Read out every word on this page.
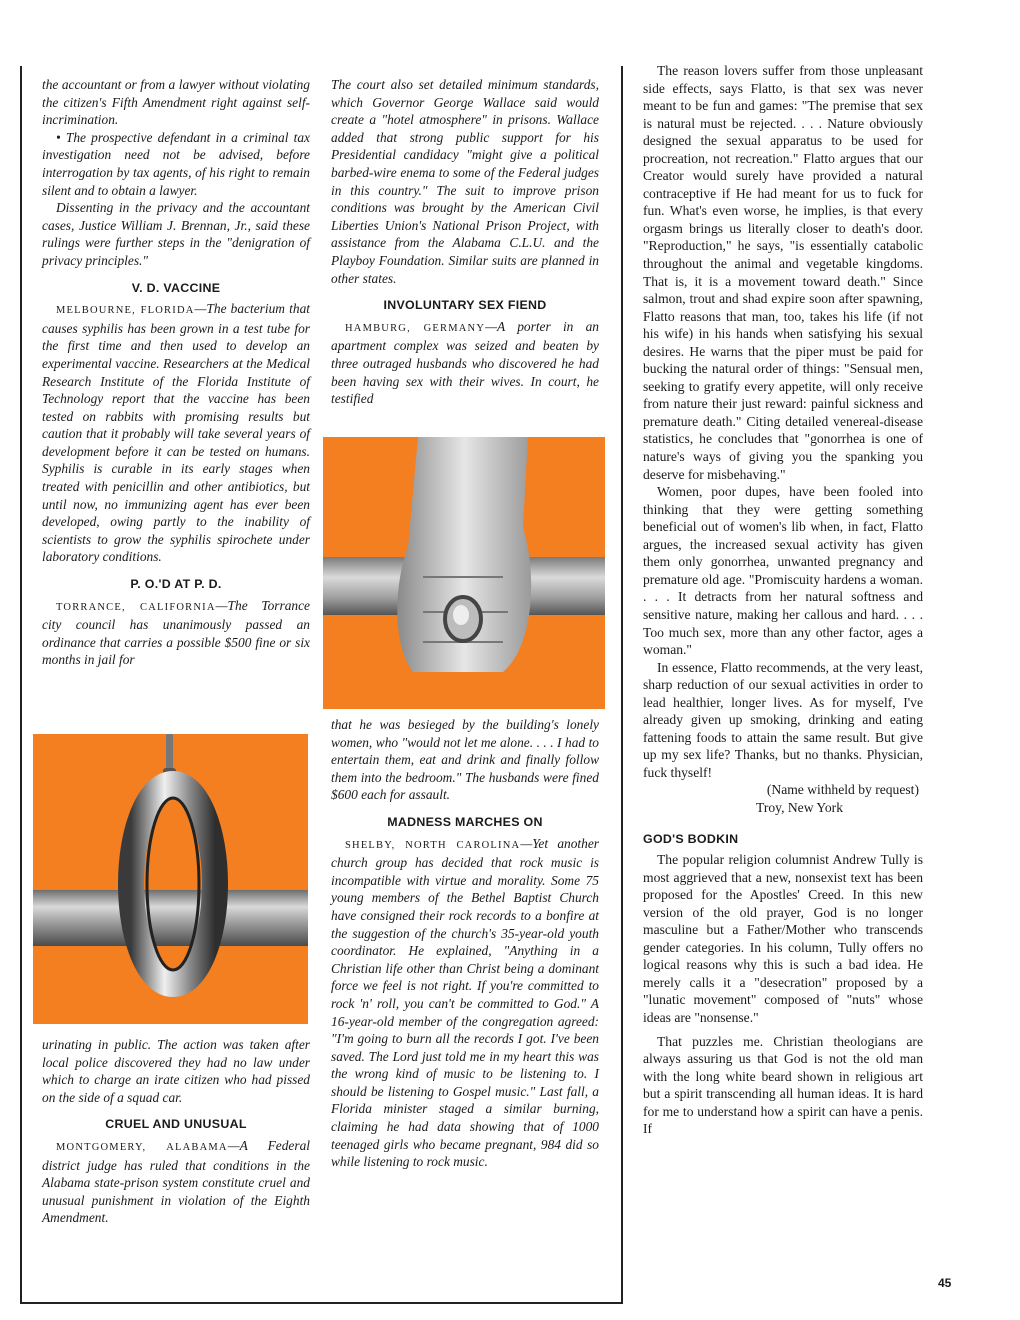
the accountant or from a lawyer without violating the citizen's Fifth Amendment right against self-incrimination.

• The prospective defendant in a criminal tax investigation need not be advised, before interrogation by tax agents, of his right to remain silent and to obtain a lawyer.

Dissenting in the privacy and the accountant cases, Justice William J. Brennan, Jr., said these rulings were further steps in the "denigration of privacy principles."

V. D. VACCINE

MELBOURNE, FLORIDA—The bacterium that causes syphilis has been grown in a test tube for the first time and then used to develop an experimental vaccine. Researchers at the Medical Research Institute of the Florida Institute of Technology report that the vaccine has been tested on rabbits with promising results but caution that it probably will take several years of development before it can be tested on humans. Syphilis is curable in its early stages when treated with penicillin and other antibiotics, but until now, no immunizing agent has ever been developed, owing partly to the inability of scientists to grow the syphilis spirochete under laboratory conditions.

P. O.'D AT P. D.

TORRANCE, CALIFORNIA—The Torrance city council has unanimously passed an ordinance that carries a possible $500 fine or six months in jail for

urinating in public. The action was taken after local police discovered they had no law under which to charge an irate citizen who had pissed on the side of a squad car.

CRUEL AND UNUSUAL

MONTGOMERY, ALABAMA—A Federal district judge has ruled that conditions in the Alabama state-prison system constitute cruel and unusual punishment in violation of the Eighth Amendment.

The court also set detailed minimum standards, which Governor George Wallace said would create a "hotel atmosphere" in prisons. Wallace added that strong public support for his Presidential candidacy "might give a political barbed-wire enema to some of the Federal judges in this country." The suit to improve prison conditions was brought by the American Civil Liberties Union's National Prison Project, with assistance from the Alabama C.L.U. and the Playboy Foundation. Similar suits are planned in other states.

INVOLUNTARY SEX FIEND

HAMBURG, GERMANY—A porter in an apartment complex was seized and beaten by three outraged husbands who discovered he had been having sex with their wives. In court, he testified

that he was besieged by the building's lonely women, who "would not let me alone. . . . I had to entertain them, eat and drink and finally follow them into the bedroom." The husbands were fined $600 each for assault.

MADNESS MARCHES ON

SHELBY, NORTH CAROLINA—Yet another church group has decided that rock music is incompatible with virtue and morality. Some 75 young members of the Bethel Baptist Church have consigned their rock records to a bonfire at the suggestion of the church's 35-year-old youth coordinator. He explained, "Anything in a Christian life other than Christ being a dominant force we feel is not right. If you're committed to rock 'n' roll, you can't be committed to God." A 16-year-old member of the congregation agreed: "I'm going to burn all the records I got. I've been saved. The Lord just told me in my heart this was the wrong kind of music to be listening to. I should be listening to Gospel music." Last fall, a Florida minister staged a similar burning, claiming he had data showing that of 1000 teenaged girls who became pregnant, 984 did so while listening to rock music.

The reason lovers suffer from those unpleasant side effects, says Flatto, is that sex was never meant to be fun and games: "The premise that sex is natural must be rejected. . . . Nature obviously designed the sexual apparatus to be used for procreation, not recreation." Flatto argues that our Creator would surely have provided a natural contraceptive if He had meant for us to fuck for fun. What's even worse, he implies, is that every orgasm brings us literally closer to death's door. "Reproduction," he says, "is essentially catabolic throughout the animal and vegetable kingdoms. That is, it is a movement toward death." Since salmon, trout and shad expire soon after spawning, Flatto reasons that man, too, takes his life (if not his wife) in his hands when satisfying his sexual desires. He warns that the piper must be paid for bucking the natural order of things: "Sensual men, seeking to gratify every appetite, will only receive from nature their just reward: painful sickness and premature death." Citing detailed venereal-disease statistics, he concludes that "gonorrhea is one of nature's ways of giving you the spanking you deserve for misbehaving."

Women, poor dupes, have been fooled into thinking that they were getting something beneficial out of women's lib when, in fact, Flatto argues, the increased sexual activity has given them only gonorrhea, unwanted pregnancy and premature old age. "Promiscuity hardens a woman. . . . It detracts from her natural softness and sensitive nature, making her callous and hard. . . . Too much sex, more than any other factor, ages a woman."

In essence, Flatto recommends, at the very least, sharp reduction of our sexual activities in order to lead healthier, longer lives. As for myself, I've already given up smoking, drinking and eating fattening foods to attain the same result. But give up my sex life? Thanks, but no thanks. Physician, fuck thyself!

(Name withheld by request)

Troy, New York

GOD'S BODKIN

The popular religion columnist Andrew Tully is most aggrieved that a new, nonsexist text has been proposed for the Apostles' Creed. In this new version of the old prayer, God is no longer masculine but a Father/Mother who transcends gender categories. In his column, Tully offers no logical reasons why this is such a bad idea. He merely calls it a "desecration" proposed by a "lunatic movement" composed of "nuts" whose ideas are "nonsense."

That puzzles me. Christian theologians are always assuring us that God is not the old man with the long white beard shown in religious art but a spirit transcending all human ideas. It is hard for me to understand how a spirit can have a penis. If

45
